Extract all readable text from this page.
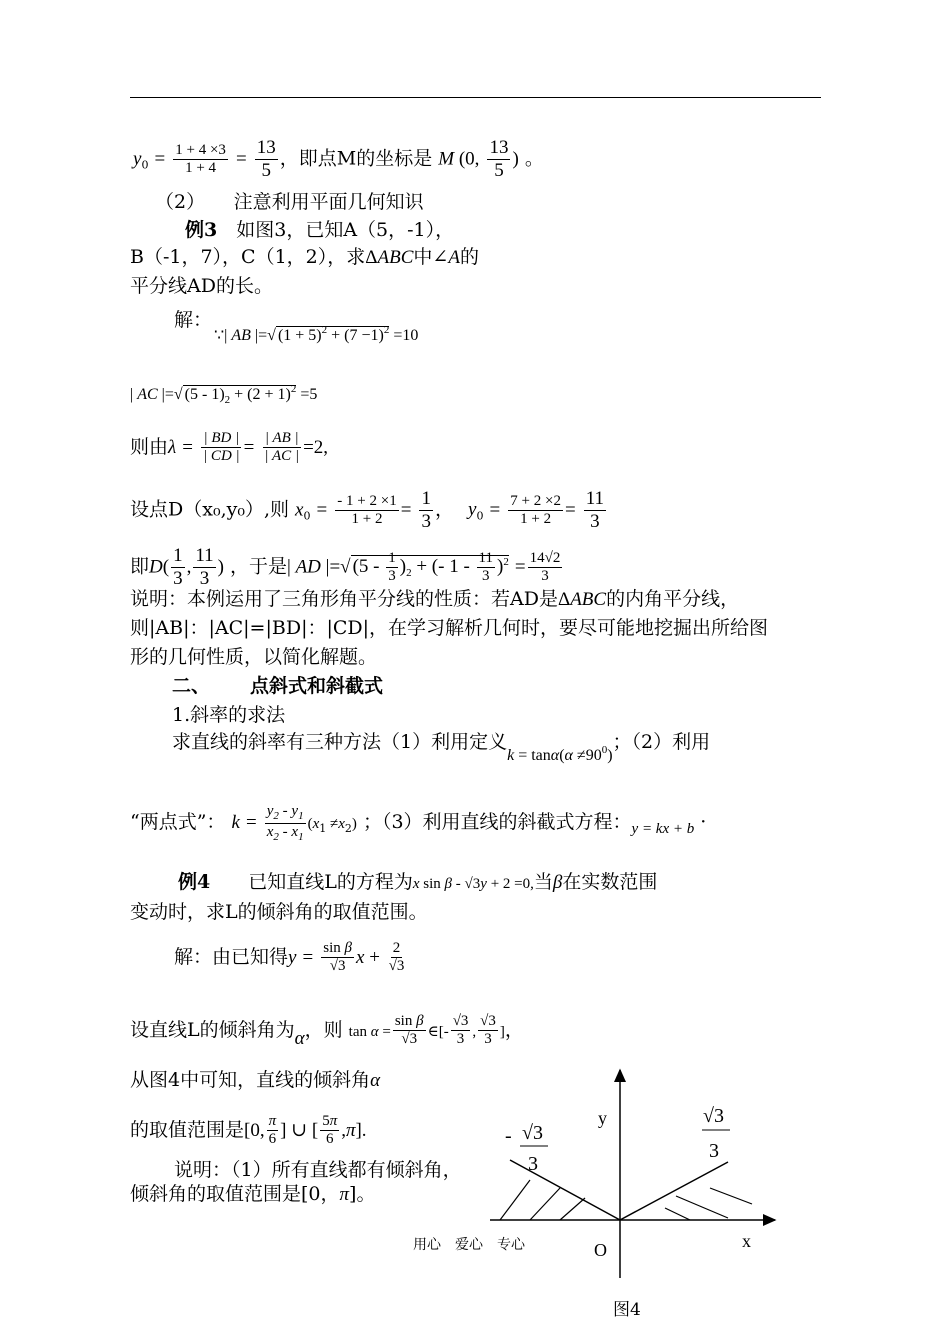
$y_0 = \frac{1 + 4 \times 3}{1 + 4} = \frac{13}{5}$ ，即点M的坐标是 M (0, $\frac{13}{5}$ ) 。
（2）　　注意利用平面几何知识
例3　如图3，已知A（5，-1），
B（-1，7），C（1，2），求ΔABC中∠A的
平分线AD的长。
解：
∵| AB |=√ $(1 + 5)^2 + (7 -1)^2 =10$
| AC |=√ $(5 - 1)_2 + (2 + 1)^2 =5$
则由$\lambda = \frac{| BD |}{| CD |} = \frac{| AB |}{| AC |} =2$,
设点D（x₀,y₀）,则 $x_0 = \frac{- 1 + 2 \times 1}{1 + 2} = \frac{1}{3}$ ， $y_0 = \frac{7 + 2 \times 2}{1 + 2} = \frac{11}{3}$
即$D( \frac{1}{3}$ , $\frac{11}{3}$ ) ，于是| AD |=√ $(5 - \frac{1}{3} )_2$ + (- $1 - \frac{11}{3} )^2 = \frac{14√2}{3}$
说明：本例运用了三角形角平分线的性质：若AD是ΔABC的内角平分线，
则|AB|：|AC|=|BD|：|CD|，在学习解析几何时，要尽可能地挖掘出所给图
形的几何性质，以简化解题。
二、 点斜式和斜截式
1.斜率的求法
求直线的斜率有三种方法（1）利用定义$_{k = tan\alpha(\alpha \ne 90^0)}$；（2）利用
“两点式”： $k = \frac{y_2 - y_1}{x_2 - x_1} (x_1 \ne x_2)$ ；（3）利用直线的斜截式方程：$_{y = kx + b}$ ·
例4　　已知直线L的方程为x sin β - √3y + 2 =0,当β在实数范围
变动时，求L的倾斜角的取值范围。
解：由已知得$y = \frac{\text{sin β}}{√3}$ $x + \frac{2}{√3}$
设直线L的倾斜角为α，则 $\tan \alpha = \frac{\text{sin β}}{√3}$ ∈[- $\frac{√3}{3}$ , $\frac{√3}{3}$ ]，
从图4中可知，直线的倾斜角α
的取值范围是[0, $\frac{\pi}{6}$ ] ∪ [ $\frac{5\pi}{6} ,\pi$].
说明：（1）所有直线都有倾斜角，
倾斜角的取值范围是[0，π]。
用心　爱心　专心
y
x
O
- √3
3
√3
3
图4
